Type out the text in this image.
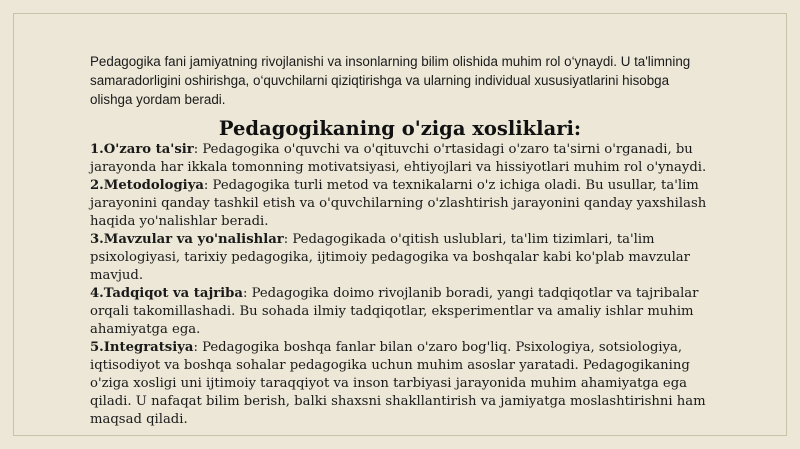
Pedagogika fani jamiyatning rivojlanishi va insonlarning bilim olishida muhim rol o‘ynaydi. U ta'limning samaradorligini oshirishga, o‘quvchilarni qiziqtirishga va ularning individual xususiyatlarini hisobga olishga yordam beradi.

Pedagogikaning o'ziga xosliklari:

1.O'zaro ta'sir: Pedagogika o'quvchi va o'qituvchi o'rtasidagi o'zaro ta'sirni o'rganadi, bu jarayonda har ikkala tomonning motivatsiyasi, ehtiyojlari va hissiyotlari muhim rol o'ynaydi.

2.Metodologiya: Pedagogika turli metod va texnikalarni o'z ichiga oladi. Bu usullar, ta'lim jarayonini qanday tashkil etish va o'quvchilarning o'zlashtirish jarayonini qanday yaxshilash haqida yo'nalishlar beradi.

3.Mavzular va yo'nalishlar: Pedagogikada o'qitish uslublari, ta'lim tizimlari, ta'lim psixologiyasi, tarixiy pedagogika, ijtimoiy pedagogika va boshqalar kabi ko'plab mavzular mavjud.

4.Tadqiqot va tajriba: Pedagogika doimo rivojlanib boradi, yangi tadqiqotlar va tajribalar orqali takomillashadi. Bu sohada ilmiy tadqiqotlar, eksperimentlar va amaliy ishlar muhim ahamiyatga ega.

5.Integratsiya: Pedagogika boshqa fanlar bilan o'zaro bog'liq. Psixologiya, sotsiologiya, iqtisodiyot va boshqa sohalar pedagogika uchun muhim asoslar yaratadi. Pedagogikaning o'ziga xosligi uni ijtimoiy taraqqiyot va inson tarbiyasi jarayonida muhim ahamiyatga ega qiladi. U nafaqat bilim berish, balki shaxsni shakllantirish va jamiyatga moslashtirishni ham maqsad qiladi.
